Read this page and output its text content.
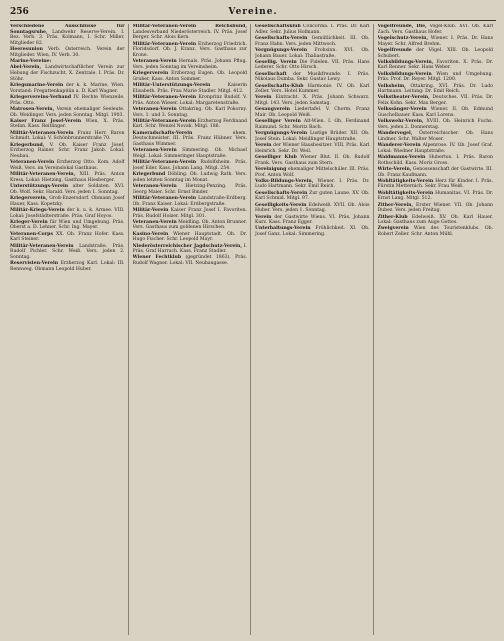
256	Vereine.

Verschiedene Ausschlüsse für Sonntagsruhe, Landwehr Reserve-Verein. I. Bez. Verb. 3. Präs. Kolmann, I. Schr. Miller, Mitglieder 82.

Heeresunion Verb. Osterreich. Verein der Mitglieder. Wien, IV. Verb. 30.

Marine-Vereine:

Abel-Verein, Landwirtschaftlicher Verein zur Hebung der Fischzucht, X. Zentrale. I. Präs. Dr. Stöhr.

Kriegsmarine-Verein der k. k. Marine, Wien. Vorstand: Fregattenkapitän a. D. Karl Wagner.

Kriegervereins-Verband IV. Rechte Wienzeile. Präs. Otto.

Matrosen-Verein, Verein ehemaliger Seeleute. Ob. Weidinger. Vers. jeden Sonntag. Mitgl. 1903.

Kaiser Franz Josef-Verein Wien, X. Präs. Stefan. Kass. Reitlinger.

Militär-Veteranen-Verein Franz Herr. Baron Schmidt. Lokal: V. Schönbrunnerstraße 70.

Kriegerbund, V. Ob. Kaiser Franz Josef, Erzherzog Rainer. Schr. Franz Jakob. Lokal: Neubau.

Veteranen-Verein Erzherzog Otto. Kom. Adolf Weiß. Vers. im Vereinslokal Gasthaus.

Militär-Veteranen-Verein, XIII. Präs. Anton Kress. Lokal: Hietzing, Gasthaus Hiesberger.

Unterstützungs-Verein alter Soldaten. XVI. Ob. Wolf. Sekr. Harald. Vers. jeden 1. Sonntag.

Kriegerverein, Groß-Enzersdorf. Obmann Josef Hauer, Kass. Kopetzky.

Militär-Kriegs-Verein der k. u. k. Armee. VIII. Lokal: Josefstädterstraße. Präs. Graf Hoyos.

Krieger-Verein für Wien und Umgebung. Präs. Oberst a. D. Lehner. Schr. Ing. Mayer.

Veteranen-Corps XX. Ob. Franz Hofer. Kass. Karl Steiner.

Militär-Veteranen-Verein Landstraße. Präs. Rudolf Pichler. Schr. Weiß. Vers. jeden 2. Sonntag.

Reservisten-Verein Erzherzog Karl. Lokal: III. Rennweg. Obmann Leopold Huber.

Militär-Veteranen-Verein Reichsbund, Landesverband Niederösterreich. IV. Präs. Josef Berger. Schr. Alois Kern.

Militär-Veteranen-Verein Erzherzog Friedrich. Floridsdorf. Ob. J. Kranz. Vers. Gasthaus zur Krone.

Veteranen-Verein Hernals. Präs. Johann Pflug. Vers. jeden Sonntag im Vereinsheim.

Kriegerverein Erzherzog Eugen. Ob. Leopold Gruber, Kass. Anton Sommer.

Militär-Unterstützungs-Verein	Kaiserin Elisabeth. Präs. Frau Marie Stadler. Mitgl. 412.

Militär-Veteranen-Verein Kronprinz Rudolf. V. Präs. Anton Wieser. Lokal: Margaretenstraße.

Veteranen-Verein Ottakring. Ob. Karl Pokorny. Vers. 1. und 3. Sonntag.

Militär-Veteranen-Verein Erzherzog Ferdinand Karl. Schr. Wenzel Novak. Mitgl. 186.

Kameradschafts-Verein	ehem. Deutschmeister. III. Präs. Franz Hübner. Vers. Gasthaus Wimmer.

Veteranen-Verein Simmering. Ob. Michael Weigl. Lokal: Simmeringer Hauptstraße.

Militär-Veteranen-Verein Rudolfsheim. Präs. Josef Eder. Kass. Johann Lang. Mitgl. 254.

Kriegerbund Döbling. Ob. Ludwig Rath. Vers. jeden letzten Sonntag im Monat.

Veteranen-Verein Hietzing-Penzing. Präs. Georg Maier. Schr. Ernst Binder.

Militär-Veteranen-Verein Landstraße-Erdberg. Ob. Franz Kaiser. Lokal: Erdbergstraße.

Militär-Verein Kaiser Franz Josef I. Favoriten. Präs. Rudolf Holzer. Mitgl. 301.

Veteranen-Verein Meidling. Ob. Anton Brunner. Vers. Gasthaus zum goldenen Hirschen.

Kasino-Verein Wiener Hauptstadt. Ob. Dr. Hugo Fischer. Schr. Leopold Mayr.

Niederösterreichischer Jagdschutz-Verein, I. Präs. Graf Harrach. Kass. Franz Stadler.

Wiener Fechtklub (gegründet 1863). Präs. Rudolf Wagner. Lokal: VII. Neubaugasse.

Gesellschaftsklub Concordia. I. Präs. Dr. Karl Adler. Sekr. Julius Hofmann.

Gesellschafts-Verein Gemütlichkeit. III. Ob. Franz Hahn. Vers. jeden Mittwoch.

Vergnügungs-Verein Frohsinn. XVI. Ob. Johann Bauer. Lokal: Thaliastraße.

Gesellig. Verein Die Fidelen. VII. Präs. Hans Lederer. Schr. Otto Hirsch.

Gesellschaft der Musikfreunde. I. Präs. Nikolaus Dumba. Sekr. Gustav Lewy.

Gesellschafts-Klub Harmonie. IV. Ob. Karl Zeller. Vers. Hotel Kummer.

Verein Eintracht. X. Präs. Johann Schwarz. Mitgl. 143. Vers. jeden Samstag.

Gesangverein Liedertafel. V. Chorm. Franz Mair. Ob. Leopold Weiß.

Geselliger Verein Alt-Wien. I. Ob. Ferdinand Raimund. Schr. Moritz Bach.

Vergnügungs-Verein Lustige Brüder. XII. Ob. Josef Stein. Lokal: Meidlinger Hauptstraße.

Verein der Wiener Hausbesitzer. VIII. Präs. Karl Heinrich. Sekr. Dr. Weil.

Geselliger Klub Wiener Blut. II. Ob. Rudolf Frank. Vers. Gasthaus zum Stern.

Vereinigung ehemaliger Mittelschüler. III. Präs. Prof. Anton Wolf.

Volks-Bildungs-Verein, Wiener. I. Präs. Dr. Ludo Hartmann. Sekr. Emil Reich.

Gesellschafts-Verein Zur guten Laune. XV. Ob. Karl Schmid. Mitgl. 97.

Geselligkeits-Verein Edelweiß. XVII. Ob. Alois Huber. Vers. jeden 1. Sonntag.

Verein der Gastwirte Wiens. VI. Präs. Johann Kurz. Kass. Franz Egger.

Unterhaltungs-Verein Fröhlichkeit. XI. Ob. Josef Ganz. Lokal: Simmering.

Vogelfreunde, Die, Vogel-Klub. XVI. Ob. Karl Zach. Vers. Gasthaus Hofer.

Vogelschutz-Verein, Wiener. I. Präs. Dr. Hans Mayer. Schr. Alfred Brehm.

Vogelfreunde der Vögel. XIII. Ob. Leopold Schubert.

Volksbildungs-Verein, Favoriten. X. Präs. Dr. Karl Renner. Sekr. Hans Weber.

Volksbildungs-Verein Wien und Umgebung. Präs. Prof. Dr. Reyer. Mitgl. 1200.

Volksheim, Ottakring. XVI. Präs. Dr. Ludo Hartmann. Leitung: Dr. Emil Reich.

Volkstheater-Verein, Deutsches. VII. Präs. Dr. Felix Kohn. Sekr. Max Berger.

Volkssänger-Verein Wiener. II. Ob. Edmund Guschelbauer. Kass. Karl Lorens.

Volkswehr-Verein, XVIII. Ob. Heinrich Fuchs. Vers. jeden 2. Donnerstag.

Wandervogel, Österreichischer. Ob. Hans Lindner. Schr. Walter Moser.

Wanderer-Verein Alpenrose. IV. Ob. Josef Graf. Lokal: Wiedner Hauptstraße.

Waidmanns-Verein Hubertus. I. Präs. Baron Rothschild. Kass. Moriz Gross.

Wirte-Verein, Genossenschaft der Gastwirte. III. Ob. Franz Kaufmann.

Wohltätigkeits-Verein Herz für Kinder. I. Präs. Fürstin Metternich. Sekr. Frau Weiß.

Wohltätigkeits-Verein Humanitas. VI. Präs. Dr. Ernst Lang. Mitgl. 512.

Zither-Verein, Erster Wiener. VII. Ob. Johann Dubez. Vers. jeden Freitag.

Zither-Klub Edelweiß. XV. Ob. Karl Hauer. Lokal: Gasthaus zum Auge Gottes.

Zweigverein Wien des Touristenklubs. Ob. Robert Zeller. Schr. Anton Mühl.
